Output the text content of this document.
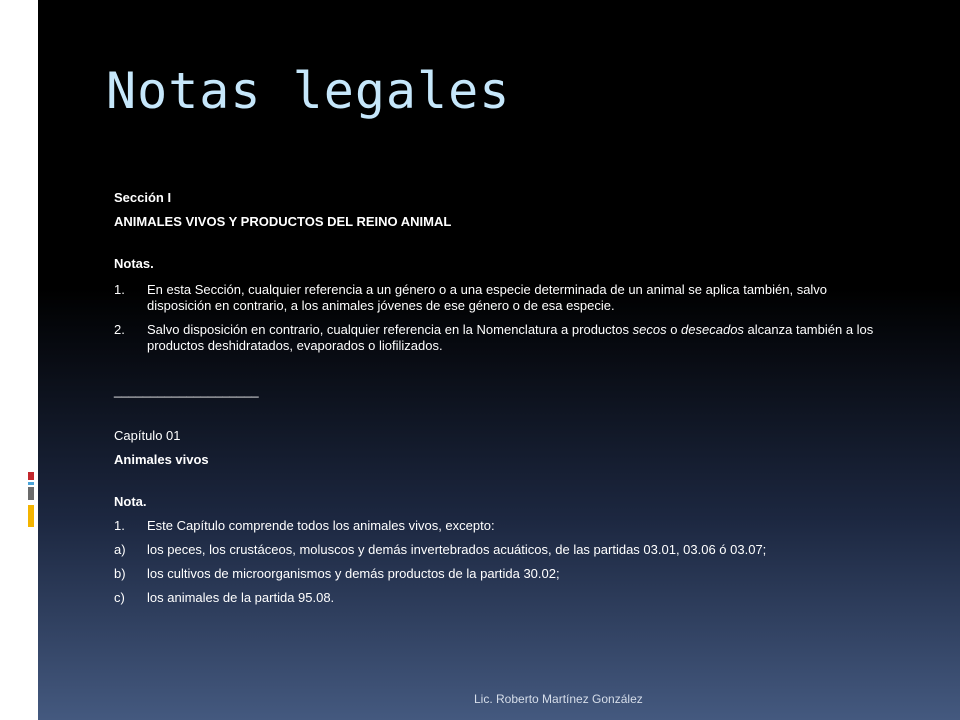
Notas legales

Sección I

ANIMALES VIVOS Y PRODUCTOS DEL REINO ANIMAL

Notas.

1.	En esta Sección, cualquier referencia a un género o a una especie determinada de un animal se aplica también, salvo disposición en contrario, a los animales jóvenes de ese género o de esa especie.
2.	Salvo disposición en contrario, cualquier referencia en la Nomenclatura a productos secos o desecados alcanza también a los productos deshidratados, evaporados o liofilizados.

____________________

Capítulo 01

Animales vivos

Nota.

1.	Este Capítulo comprende todos los animales vivos, excepto:
a)	los peces, los crustáceos, moluscos y demás invertebrados acuáticos, de las partidas 03.01, 03.06 ó 03.07;
b)	los cultivos de microorganismos y demás productos de la partida 30.02;
c)	los animales de la partida 95.08.
Lic. Roberto Martínez González
